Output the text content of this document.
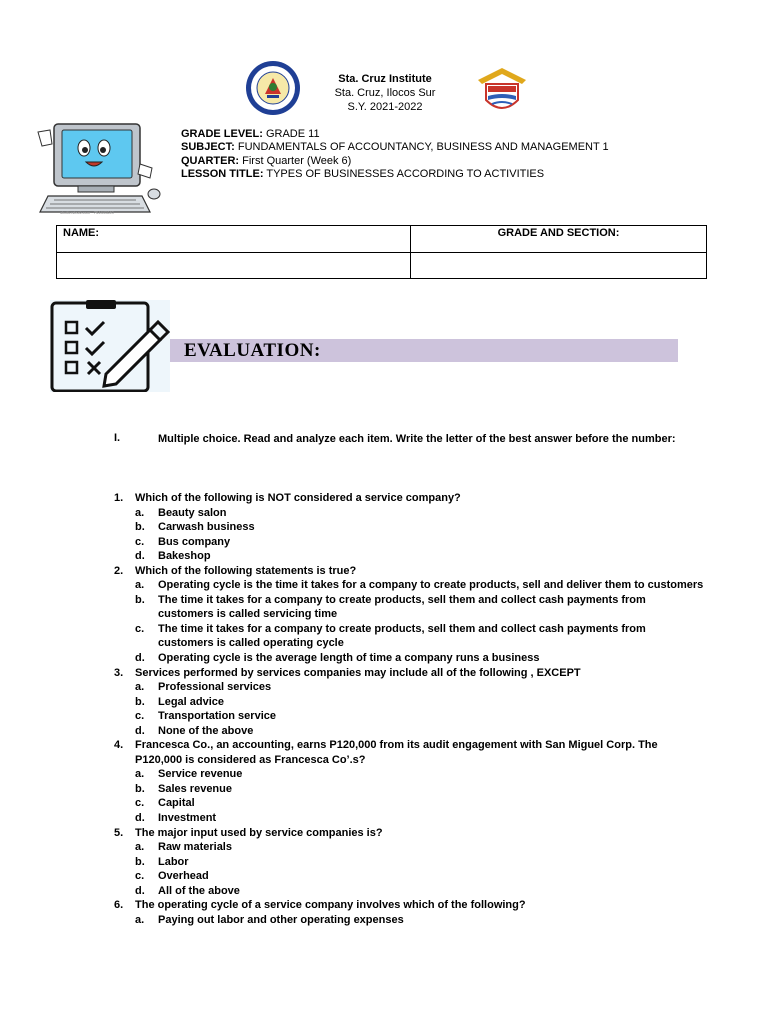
Sta. Cruz Institute
Sta. Cruz, Ilocos Sur
S.Y. 2021-2022
shutterstock.com · 754449849
GRADE LEVEL: GRADE 11
SUBJECT: FUNDAMENTALS OF ACCOUNTANCY, BUSINESS AND MANAGEMENT 1
QUARTER: First Quarter (Week 6)
LESSON TITLE: TYPES OF BUSINESSES ACCORDING TO ACTIVITIES
NAME:	GRADE AND SECTION:

EVALUATION:
I.	Multiple choice. Read and analyze each item. Write the letter of the best answer before the number:
1. Which of the following is NOT considered a service company?
a. Beauty salon
b. Carwash business
c. Bus company
d. Bakeshop
2. Which of the following statements is true?
a. Operating cycle is the time it takes for a company to create products, sell and deliver them to customers
b. The time it takes for a company to create products, sell them and collect cash payments from customers is called servicing time
c. The time it takes for a company to create products, sell them and collect cash payments from customers is called operating cycle
d. Operating cycle is the average length of time a company runs a business
3. Services performed by services companies may include all of the following , EXCEPT
a. Professional services
b. Legal advice
c. Transportation service
d. None of the above
4. Francesca Co., an accounting, earns P120,000 from its audit engagement with San Miguel Corp. The P120,000 is considered as Francesca Co’.s?
a. Service revenue
b. Sales revenue
c. Capital
d. Investment
5. The major input used by service companies is?
a. Raw materials
b. Labor
c. Overhead
d. All of the above
6. The operating cycle of a service company involves which of the following?
a. Paying out labor and other operating expenses
